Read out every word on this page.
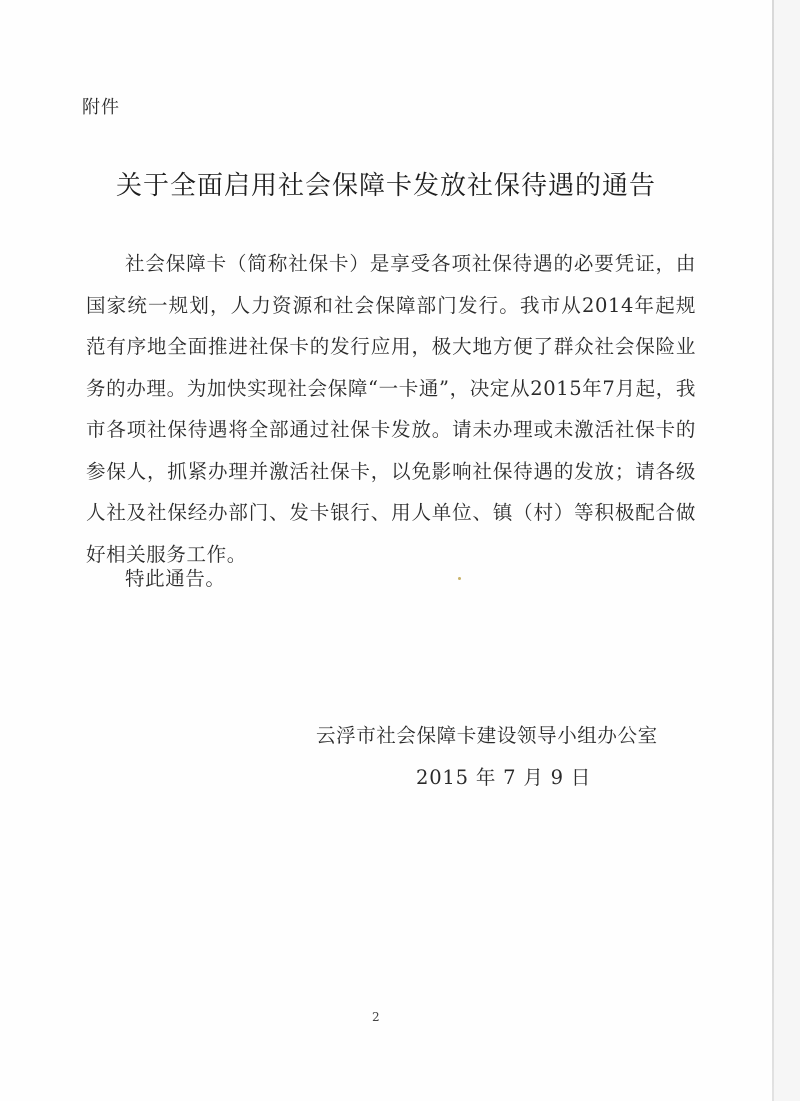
附件
关于全面启用社会保障卡发放社保待遇的通告

社会保障卡（简称社保卡）是享受各项社保待遇的必要凭证，由国家统一规划，人力资源和社会保障部门发行。我市从2014年起规范有序地全面推进社保卡的发行应用，极大地方便了群众社会保险业务的办理。为加快实现社会保障“一卡通”，决定从2015年7月起，我市各项社保待遇将全部通过社保卡发放。请未办理或未激活社保卡的参保人，抓紧办理并激活社保卡，以免影响社保待遇的发放；请各级人社及社保经办部门、发卡银行、用人单位、镇（村）等积极配合做好相关服务工作。

特此通告。
云浮市社会保障卡建设领导小组办公室
2015 年 7 月 9 日
2
